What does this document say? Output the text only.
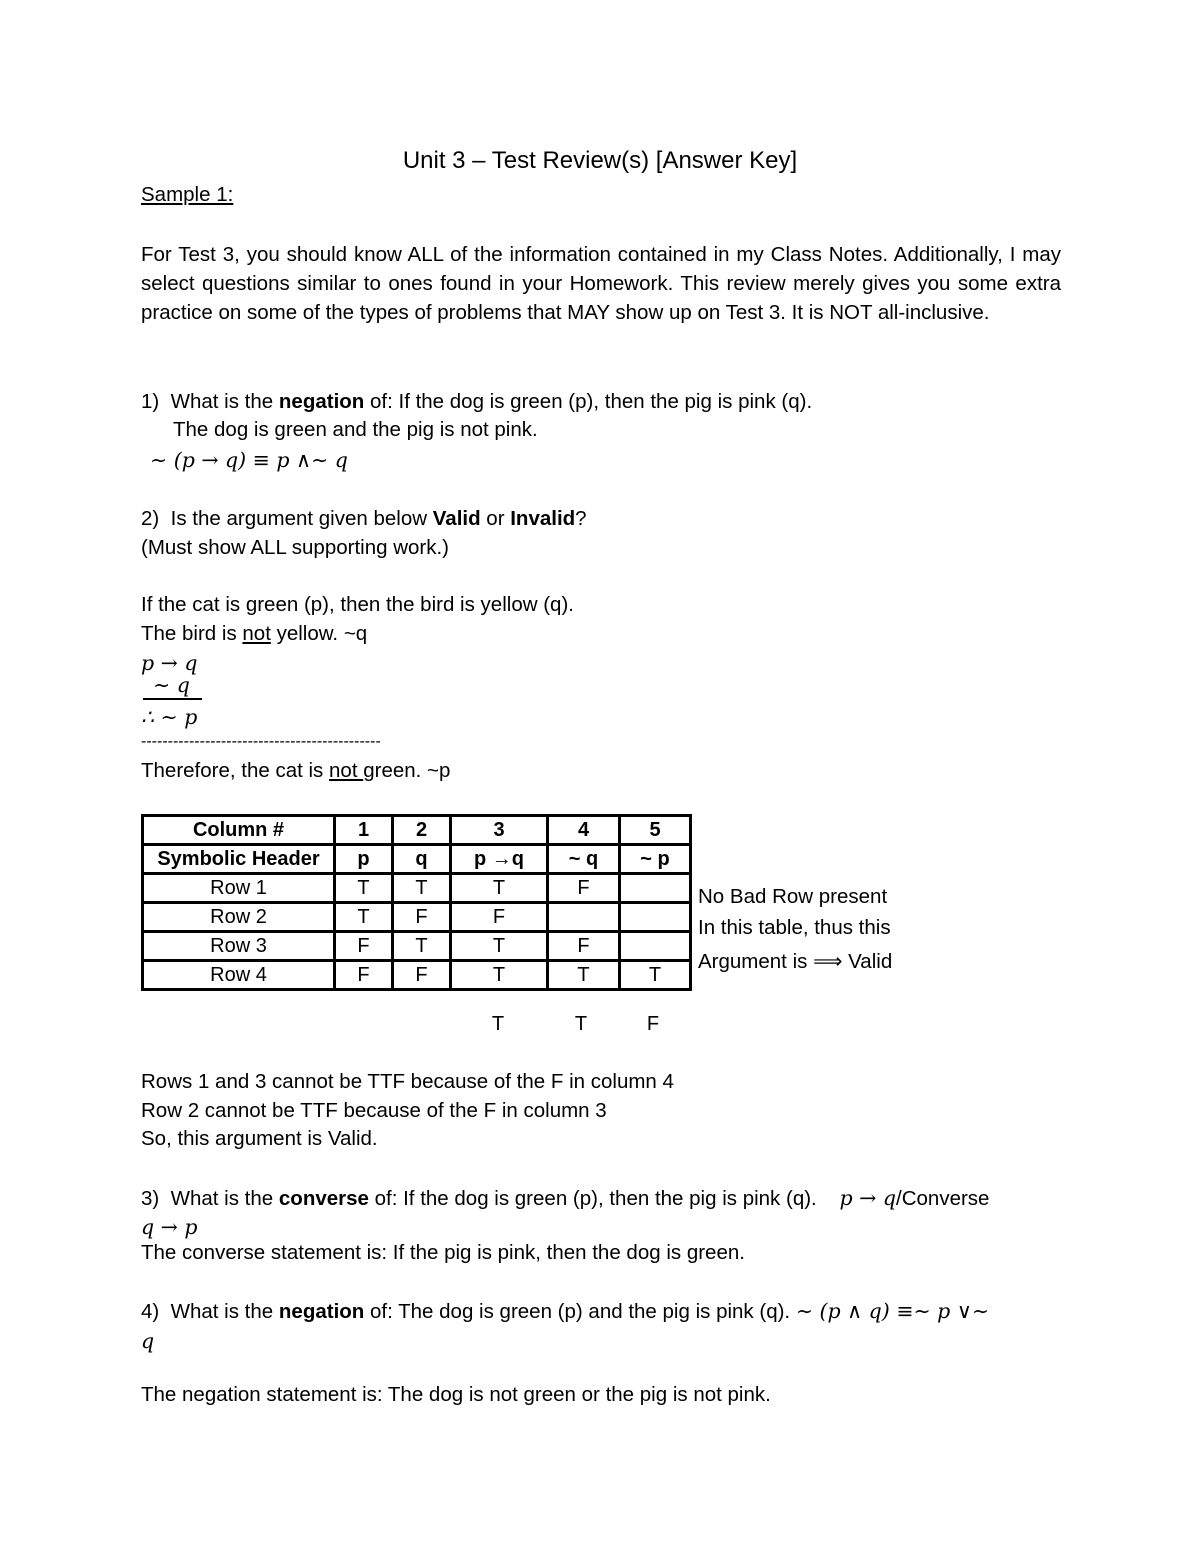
Unit 3 – Test Review(s) [Answer Key]
Sample 1:
For Test 3, you should know ALL of the information contained in my Class Notes. Additionally, I may select questions similar to ones found in your Homework. This review merely gives you some extra practice on some of the types of problems that MAY show up on Test 3. It is NOT all-inclusive.
1) What is the negation of: If the dog is green (p), then the pig is pink (q).
The dog is green and the pig is not pink.
∼ (p → q) ≡ p ∧∼ q
2) Is the argument given below Valid or Invalid?
(Must show ALL supporting work.)
If the cat is green (p), then the bird is yellow (q).
The bird is not yellow. ~q
p → q
∼ q
∴ ∼ p
---------------------------------------------
Therefore, the cat is not green. ~p
Column #	1	2	3	4	5
Symbolic Header	p	q	p →q	~ q	~ p
Row 1	T	T	T	F	
Row 2	T	F	F		
Row 3	F	T	T	F	
Row 4	F	F	T	T	T
T	T	F
No Bad Row present
In this table, thus this
Argument is ⟹ Valid
Rows 1 and 3 cannot be TTF because of the F in column 4
Row 2 cannot be TTF because of the F in column 3
So, this argument is Valid.
3) What is the converse of: If the dog is green (p), then the pig is pink (q). p → q/Converse
q → p
The converse statement is: If the pig is pink, then the dog is green.
4) What is the negation of: The dog is green (p) and the pig is pink (q). ∼ (p ∧ q) ≡∼ p ∨∼
q
The negation statement is: The dog is not green or the pig is not pink.
